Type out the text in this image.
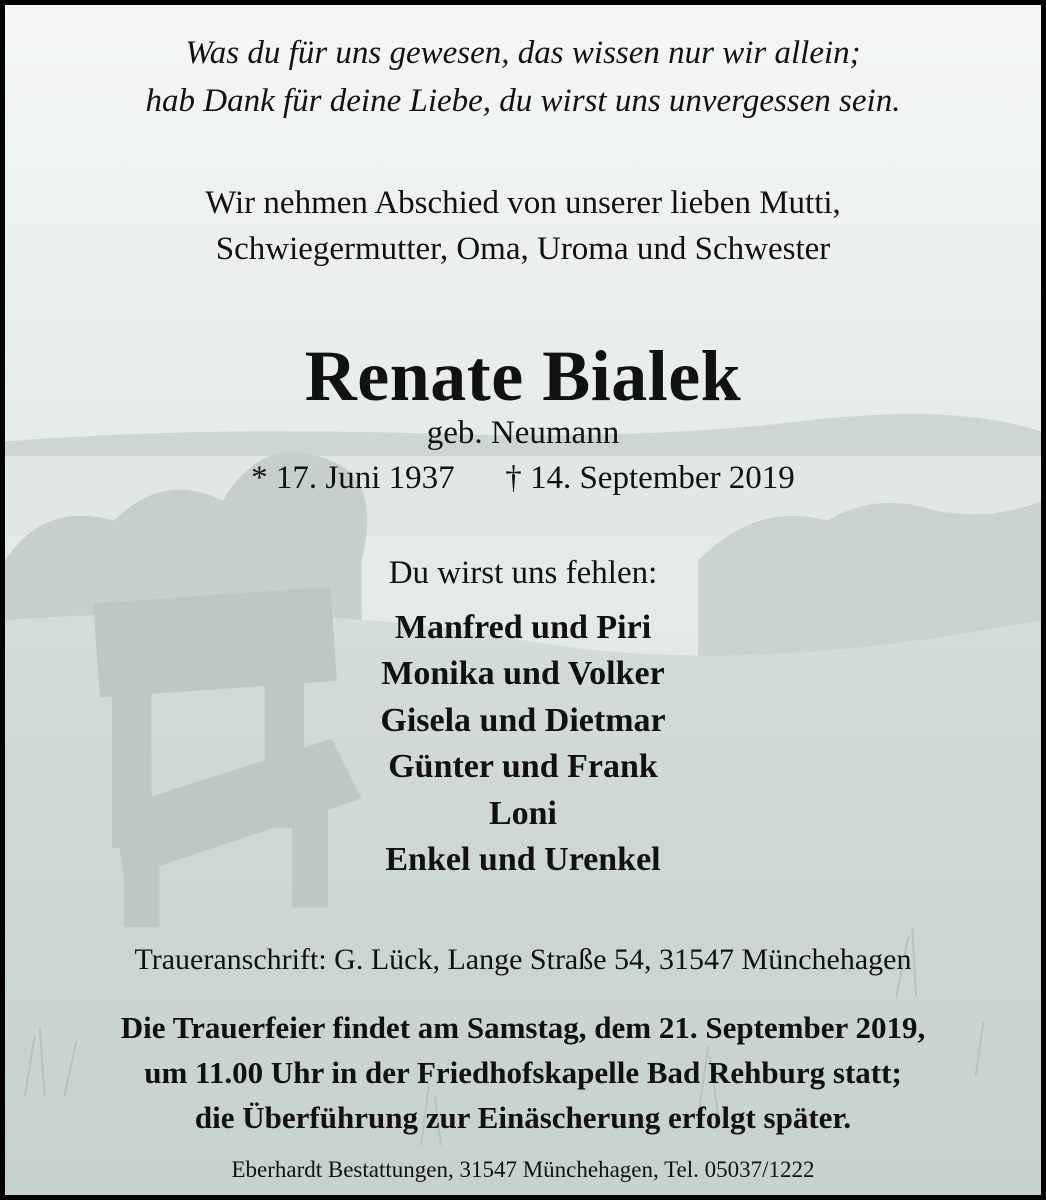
Was du für uns gewesen, das wissen nur wir allein;
hab Dank für deine Liebe, du wirst uns unvergessen sein.
Wir nehmen Abschied von unserer lieben Mutti,
Schwiegermutter, Oma, Uroma und Schwester
Renate Bialek
geb. Neumann
* 17. Juni 1937 † 14. September 2019
Du wirst uns fehlen:
Manfred und Piri
Monika und Volker
Gisela und Dietmar
Günter und Frank
Loni
Enkel und Urenkel
Traueranschrift: G. Lück, Lange Straße 54, 31547 Münchehagen
Die Trauerfeier findet am Samstag, dem 21. September 2019,
um 11.00 Uhr in der Friedhofskapelle Bad Rehburg statt;
die Überführung zur Einäscherung erfolgt später.
Eberhardt Bestattungen, 31547 Münchehagen, Tel. 05037/1222
